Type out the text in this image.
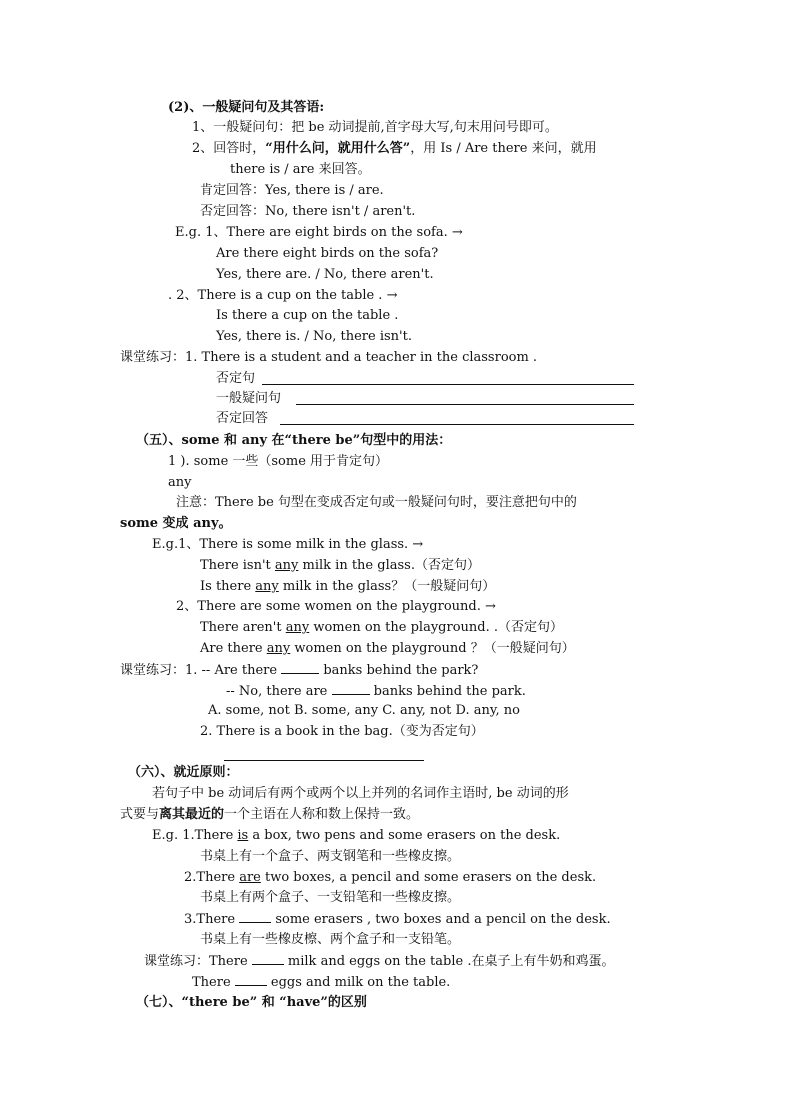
(2)、一般疑问句及其答语:
1、一般疑问句：把 be 动词提前,首字母大写,句末用问号即可。
2、回答时，“用什么问，就用什么答”，用 Is / Are there 来问，就用
there is / are 来回答。
肯定回答：Yes, there is / are.
否定回答：No, there isn't / aren't.
E.g. 1、There are eight birds on the sofa. →
Are there eight birds on the sofa?
Yes, there are. / No, there aren't.
. 2、There is a cup on the table . →
Is there a cup on the table .
Yes, there is. / No, there isn't.
课堂练习：1. There is a student and a teacher in the classroom .
否定句
一般疑问句
否定回答
（五）、some 和 any 在“there be”句型中的用法：
1 ). some 一些（some 用于肯定句）
any
注意：There be 句型在变成否定句或一般疑问句时，要注意把句中的
some 变成 any。
E.g.1、There is some milk in the glass. →
There isn't any milk in the glass.（否定句）
Is there any milk in the glass？（一般疑问句）
2、There are some women on the playground. →
There aren't any women on the playground. .（否定句）
Are there any women on the playground ？（一般疑问句）
课堂练习：1. -- Are there	banks behind the park?
-- No, there are	banks behind the park.
A. some, not B. some, any C. any, not D. any, no
2. There is a book in the bag.（变为否定句）
（六）、就近原则：
若句子中 be 动词后有两个或两个以上并列的名词作主语时, be 动词的形
式要与离其最近的一个主语在人称和数上保持一致。
E.g. 1.There is a box, two pens and some erasers on the desk.
书桌上有一个盒子、两支钢笔和一些橡皮擦。
2.There are two boxes, a pencil and some erasers on the desk.
书桌上有两个盒子、一支铅笔和一些橡皮擦。
3.There  some erasers , two boxes and a pencil on the desk.
书桌上有一些橡皮檫、两个盒子和一支铅笔。
课堂练习：There  milk and eggs on the table .在桌子上有牛奶和鸡蛋。
There  eggs and milk on the table.
（七）、“there be” 和 “have”的区别
